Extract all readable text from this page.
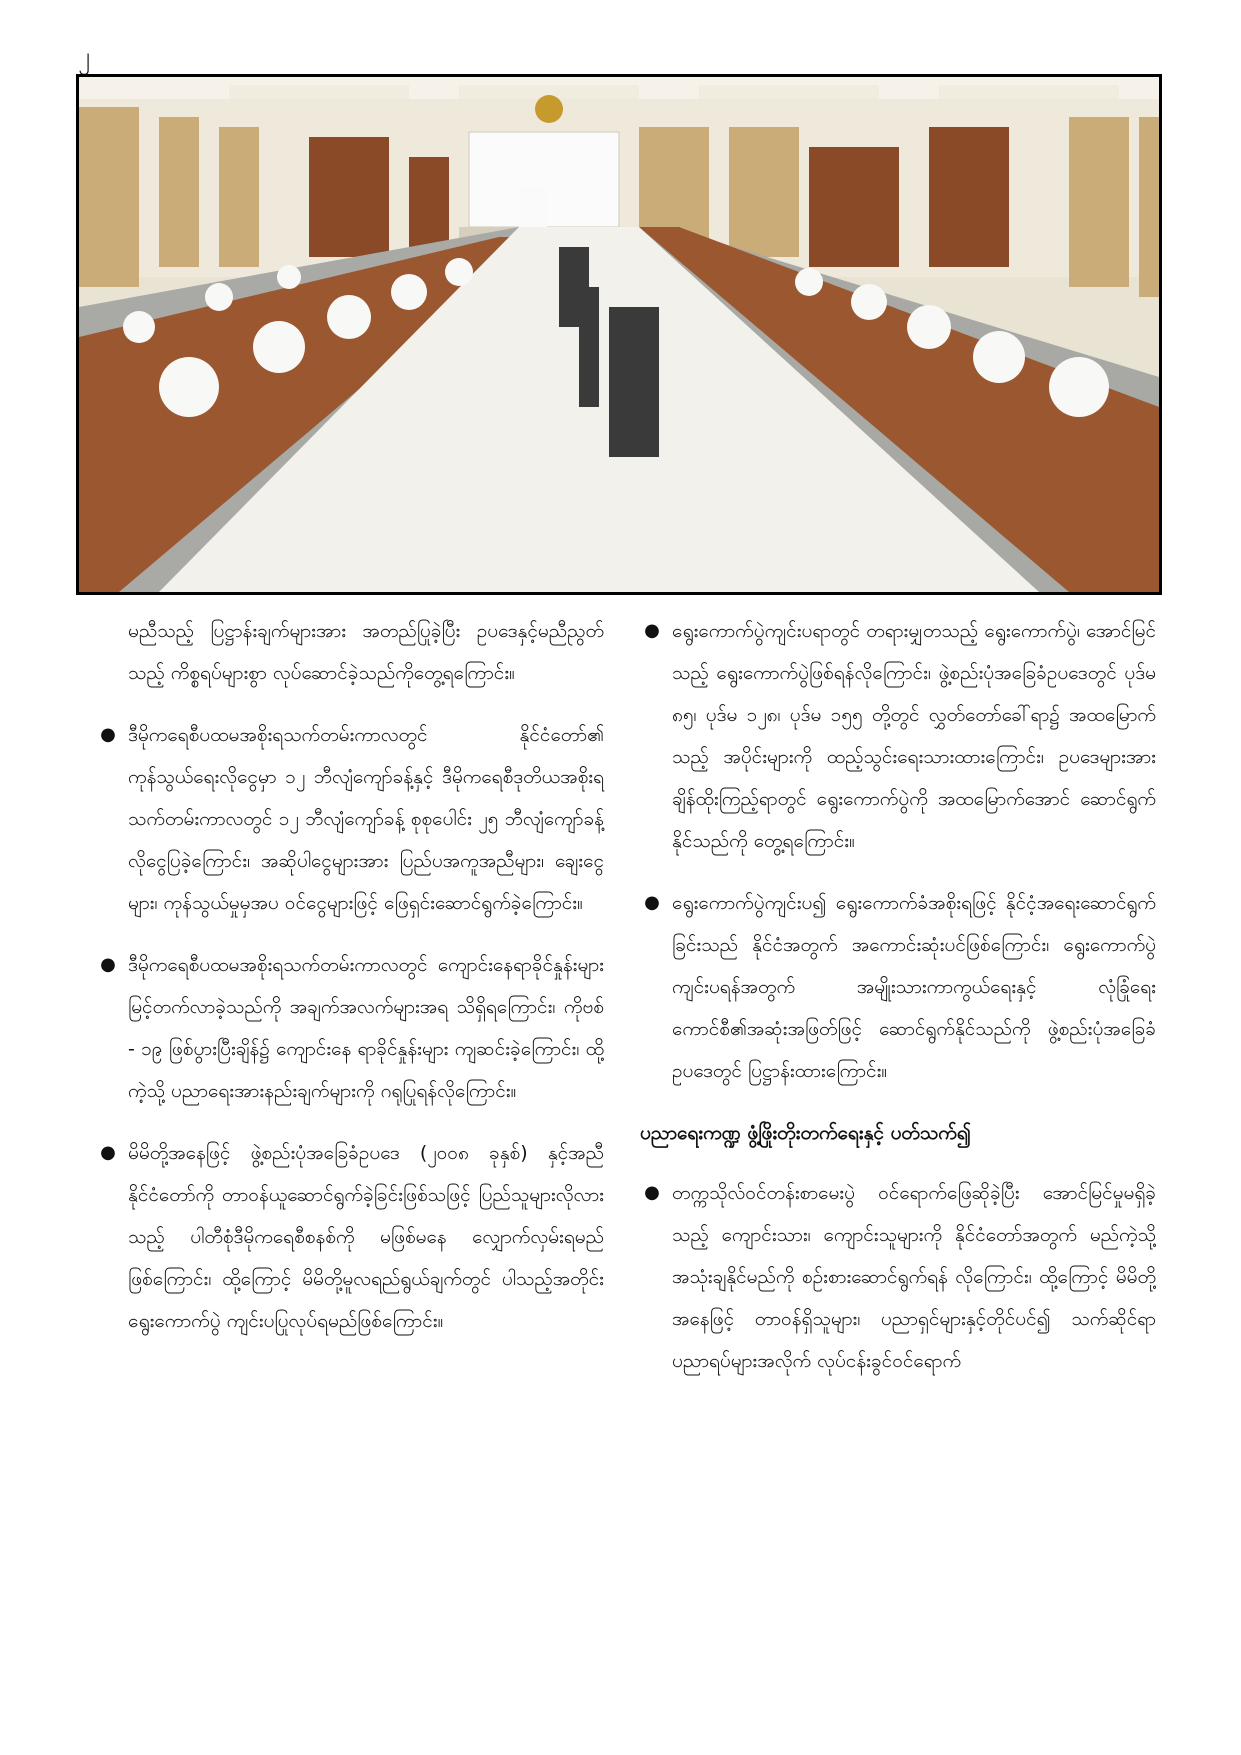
၂

မညီသည့် ပြဋ္ဌာန်းချက်များအား အတည်ပြုခဲ့ပြီး ဥပဒေနှင့်မညီညွတ်သည့် ကိစ္စရပ်များစွာ လုပ်ဆောင်ခဲ့သည်ကိုတွေ့ရကြောင်း။

● ဒီမိုကရေစီပထမအစိုးရသက်တမ်းကာလတွင် နိုင်ငံတော်၏ ကုန်သွယ်ရေးလိုငွေမှာ ၁၂ ဘီလျံကျော်ခန့်နှင့် ဒီမိုကရေစီဒုတိယအစိုးရသက်တမ်းကာလတွင် ၁၂ ဘီလျံကျော်ခန့် စုစုပေါင်း ၂၅ ဘီလျံကျော်ခန့် လိုငွေပြခဲ့ကြောင်း၊ အဆိုပါငွေများအား ပြည်ပအကူအညီများ၊ ချေးငွေများ၊ ကုန်သွယ်မှုမှအပ ဝင်ငွေများဖြင့် ဖြေရှင်းဆောင်ရွက်ခဲ့ကြောင်း။
● ဒီမိုကရေစီပထမအစိုးရသက်တမ်းကာလတွင် ကျောင်းနေရာခိုင်နှုန်းများ မြင့်တက်လာခဲ့သည်ကို အချက်အလက်များအရ သိရှိရကြောင်း၊ ကိုဗစ် - ၁၉ ဖြစ်ပွားပြီးချိန်၌ ကျောင်းနေ ရာခိုင်နှုန်းများ ကျဆင်းခဲ့ကြောင်း၊ ထို့ကဲ့သို့ ပညာရေးအားနည်းချက်များကို ဂရုပြုရန်လိုကြောင်း။
● မိမိတို့အနေဖြင့် ဖွဲ့စည်းပုံအခြေခံဥပဒေ (၂၀၀၈ ခုနှစ်) နှင့်အညီ နိုင်ငံတော်ကို တာဝန်ယူဆောင်ရွက်ခဲ့ခြင်းဖြစ်သဖြင့် ပြည်သူများလိုလားသည့် ပါတီစုံဒီမိုကရေစီစနစ်ကို မဖြစ်မနေ လျှောက်လှမ်းရမည်ဖြစ်ကြောင်း၊ ထို့ကြောင့် မိမိတို့မူလရည်ရွယ်ချက်တွင် ပါသည့်အတိုင်း ရွေးကောက်ပွဲ ကျင်းပပြုလုပ်ရမည်ဖြစ်ကြောင်း။
● ရွေးကောက်ပွဲကျင်းပရာတွင် တရားမျှတသည့် ရွေးကောက်ပွဲ၊ အောင်မြင်သည့် ရွေးကောက်ပွဲဖြစ်ရန်လိုကြောင်း၊ ဖွဲ့စည်းပုံအခြေခံဥပဒေတွင် ပုဒ်မ ၈၅၊ ပုဒ်မ ၁၂၈၊ ပုဒ်မ ၁၅၅ တို့တွင် လွှတ်တော်ခေါ်ရာ၌ အထမြောက်သည့် အပိုင်းများကို ထည့်သွင်းရေးသားထားကြောင်း၊ ဥပဒေများအား ချိန်ထိုးကြည့်ရာတွင် ရွေးကောက်ပွဲကို အထမြောက်အောင် ဆောင်ရွက်နိုင်သည်ကို တွေ့ရကြောင်း။
● ရွေးကောက်ပွဲကျင်းပ၍ ရွေးကောက်ခံအစိုးရဖြင့် နိုင်ငံ့အရေးဆောင်ရွက်ခြင်းသည် နိုင်ငံအတွက် အကောင်းဆုံးပင်ဖြစ်ကြောင်း၊ ရွေးကောက်ပွဲ ကျင်းပရန်အတွက် အမျိုးသားကာကွယ်ရေးနှင့် လုံခြုံရေးကောင်စီ၏အဆုံးအဖြတ်ဖြင့် ဆောင်ရွက်နိုင်သည်ကို ဖွဲ့စည်းပုံအခြေခံ ဥပဒေတွင် ပြဋ္ဌာန်းထားကြောင်း။
ပညာရေးကဏ္ဍ ဖွံ့ဖြိုးတိုးတက်ရေးနှင့် ပတ်သက်၍
● တက္ကသိုလ်ဝင်တန်းစာမေးပွဲ ဝင်ရောက်ဖြေဆိုခဲ့ပြီး အောင်မြင်မှုမရှိခဲ့သည့် ကျောင်းသား၊ ကျောင်းသူများကို နိုင်ငံတော်အတွက် မည်ကဲ့သို့ အသုံးချနိုင်မည်ကို စဉ်းစားဆောင်ရွက်ရန် လိုကြောင်း၊ ထို့ကြောင့် မိမိတို့အနေဖြင့် တာဝန်ရှိသူများ၊ ပညာရှင်များနှင့်တိုင်ပင်၍ သက်ဆိုင်ရာပညာရပ်များအလိုက် လုပ်ငန်းခွင်ဝင်ရောက်
